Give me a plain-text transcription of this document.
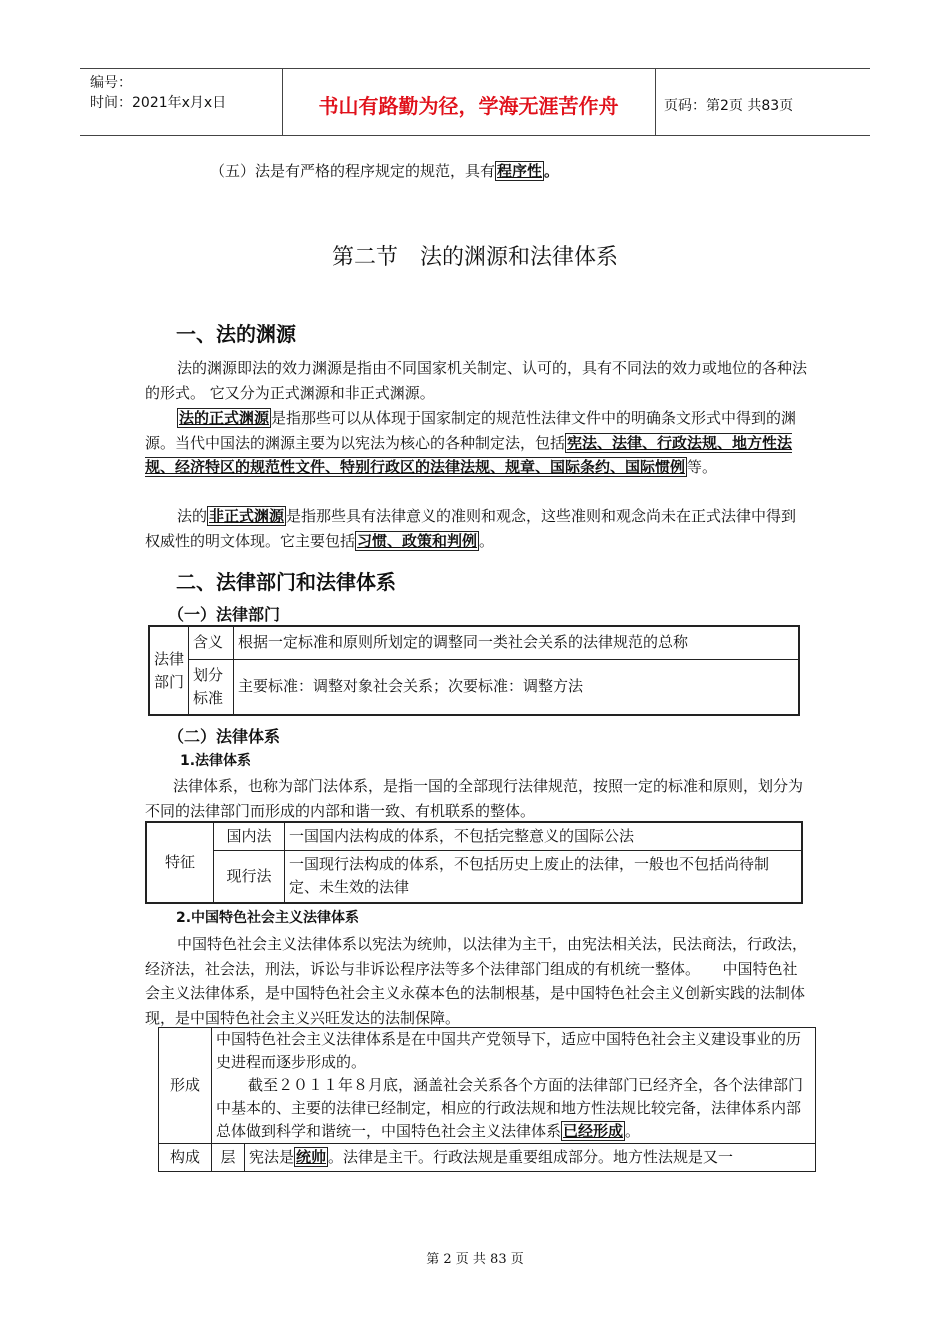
编号：
时间：2021年x月x日	书山有路勤为径，学海无涯苦作舟	页码：第2页 共83页
（五）法是有严格的程序规定的规范，具有 程序性 。
第二节　法的渊源和法律体系
一、法的渊源
法的渊源即法的效力渊源是指由不同国家机关制定、认可的，具有不同法的效力或地位的各种法的形式。 它又分为正式渊源和非正式渊源。
法的正式渊源 是指那些可以从体现于国家制定的规范性法律文件中的明确条文形式中得到的渊源。当代中国法的渊源主要为以宪法为核心的各种制定法，包括 宪法、法律、行政法规、地方性法规、经济特区的规范性文件、特别行政区的法律法规、规章、国际条约、国际惯例 等。
法的 非正式渊源 是指那些具有法律意义的准则和观念，这些准则和观念尚未在正式法律中得到权威性的明文体现。它主要包括 习惯、政策和判例 。
二、法律部门和法律体系
（一）法律部门
法律部门	含义	根据一定标准和原则所划定的调整同一类社会关系的法律规范的总称
	划分标准	主要标准：调整对象社会关系；次要标准：调整方法
（二）法律体系
1.法律体系
法律体系，也称为部门法体系，是指一国的全部现行法律规范，按照一定的标准和原则，划分为不同的法律部门而形成的内部和谐一致、有机联系的整体。
特征	国内法	一国国内法构成的体系，不包括完整意义的国际公法
	现行法	一国现行法构成的体系，不包括历史上废止的法律，一般也不包括尚待制定、未生效的法律
2.中国特色社会主义法律体系
中国特色社会主义法律体系以宪法为统帅，以法律为主干，由宪法相关法，民法商法，行政法，经济法，社会法，刑法，诉讼与非诉讼程序法等多个法律部门组成的有机统一整体。　　中国特色社会主义法律体系，是中国特色社会主义永葆本色的法制根基，是中国特色社会主义创新实践的法制体现，是中国特色社会主义兴旺发达的法制保障。
形成	中国特色社会主义法律体系是在中国共产党领导下，适应中国特色社会主义建设事业的历史进程而逐步形成的。
截至２０１１年８月底，涵盖社会关系各个方面的法律部门已经齐全，各个法律部门中基本的、主要的法律已经制定，相应的行政法规和地方性法规比较完备，法律体系内部总体做到科学和谐统一，中国特色社会主义法律体系 已经形成 。	

构成	层	宪法是 统帅 。法律是主干。行政法规是重要组成部分。地方性法规是又一
第 2 页 共 83 页
